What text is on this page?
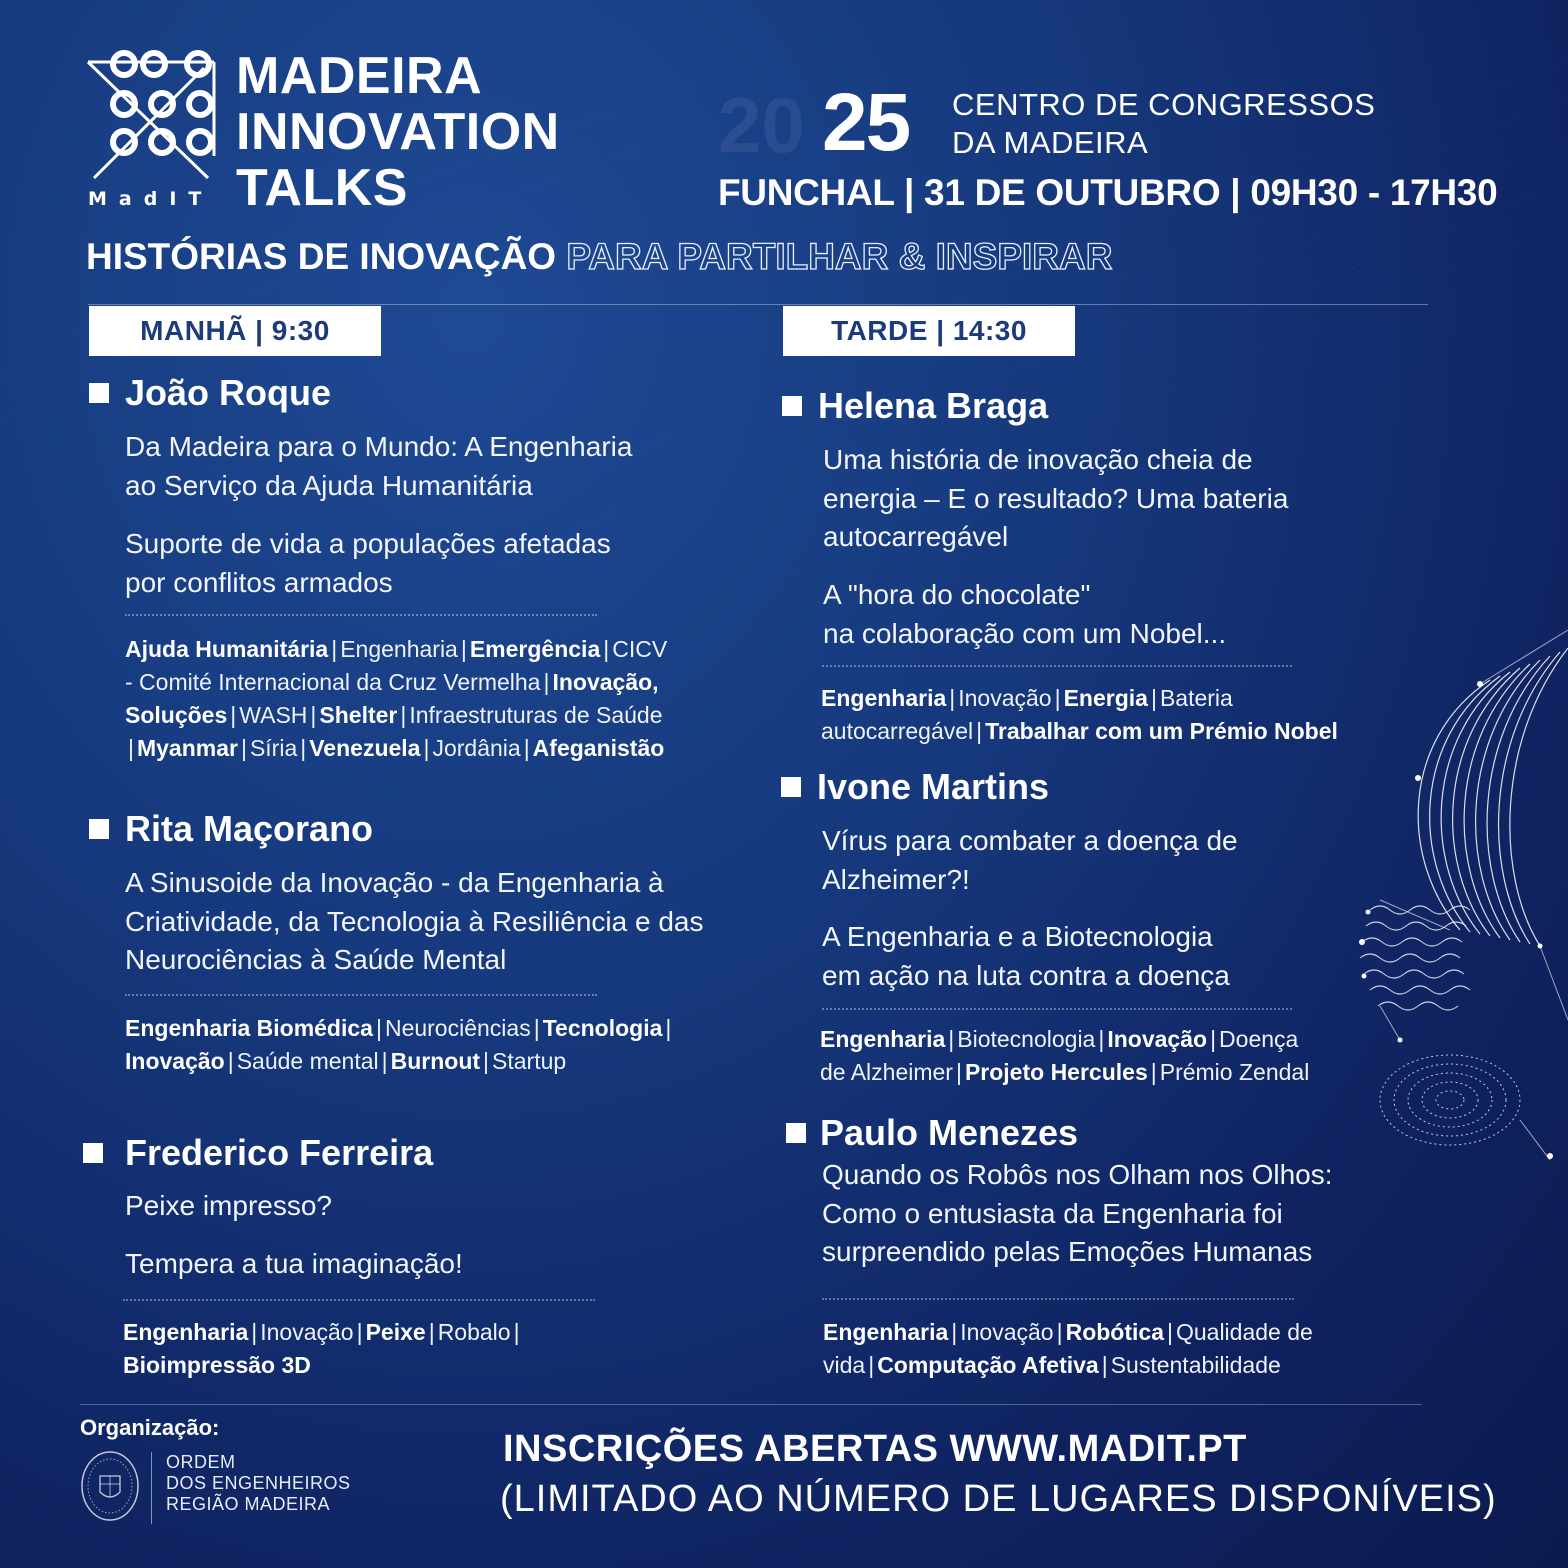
MadIT
MADEIRA
INNOVATION
TALKS
20 25 CENTRO DE CONGRESSOS
DA MADEIRA
FUNCHAL | 31 DE OUTUBRO | 09H30 - 17H30
HISTÓRIAS DE INOVAÇÃO PARA PARTILHAR & INSPIRAR
MANHÃ | 9:30	TARDE | 14:30
João Roque
Da Madeira para o Mundo: A Engenharia
ao Serviço da Ajuda Humanitária
Suporte de vida a populações afetadas
por conflitos armados
Ajuda Humanitária | Engenharia | Emergência | CICV
- Comité Internacional da Cruz Vermelha | Inovação,
Soluções | WASH | Shelter | Infraestruturas de Saúde
| Myanmar | Síria | Venezuela | Jordânia | Afeganistão
Rita Maçorano
A Sinusoide da Inovação - da Engenharia à
Criatividade, da Tecnologia à Resiliência e das
Neurociências à Saúde Mental
Engenharia Biomédica | Neurociências | Tecnologia |
Inovação | Saúde mental | Burnout | Startup
Frederico Ferreira
Peixe impresso?
Tempera a tua imaginação!
Engenharia | Inovação | Peixe | Robalo |
Bioimpressão 3D
Helena Braga
Uma história de inovação cheia de
energia – E o resultado? Uma bateria
autocarregável
A "hora do chocolate"
na colaboração com um Nobel...
Engenharia | Inovação | Energia | Bateria
autocarregável | Trabalhar com um Prémio Nobel
Ivone Martins
Vírus para combater a doença de
Alzheimer?!
A Engenharia e a Biotecnologia
em ação na luta contra a doença
Engenharia | Biotecnologia | Inovação | Doença
de Alzheimer | Projeto Hercules | Prémio Zendal
Paulo Menezes
Quando os Robôs nos Olham nos Olhos:
Como o entusiasta da Engenharia foi
surpreendido pelas Emoções Humanas
Engenharia | Inovação | Robótica | Qualidade de
vida | Computação Afetiva | Sustentabilidade
Organização:
ORDEM
DOS ENGENHEIROS
REGIÃO MADEIRA
INSCRIÇÕES ABERTAS WWW.MADIT.PT
(LIMITADO AO NÚMERO DE LUGARES DISPONÍVEIS)
